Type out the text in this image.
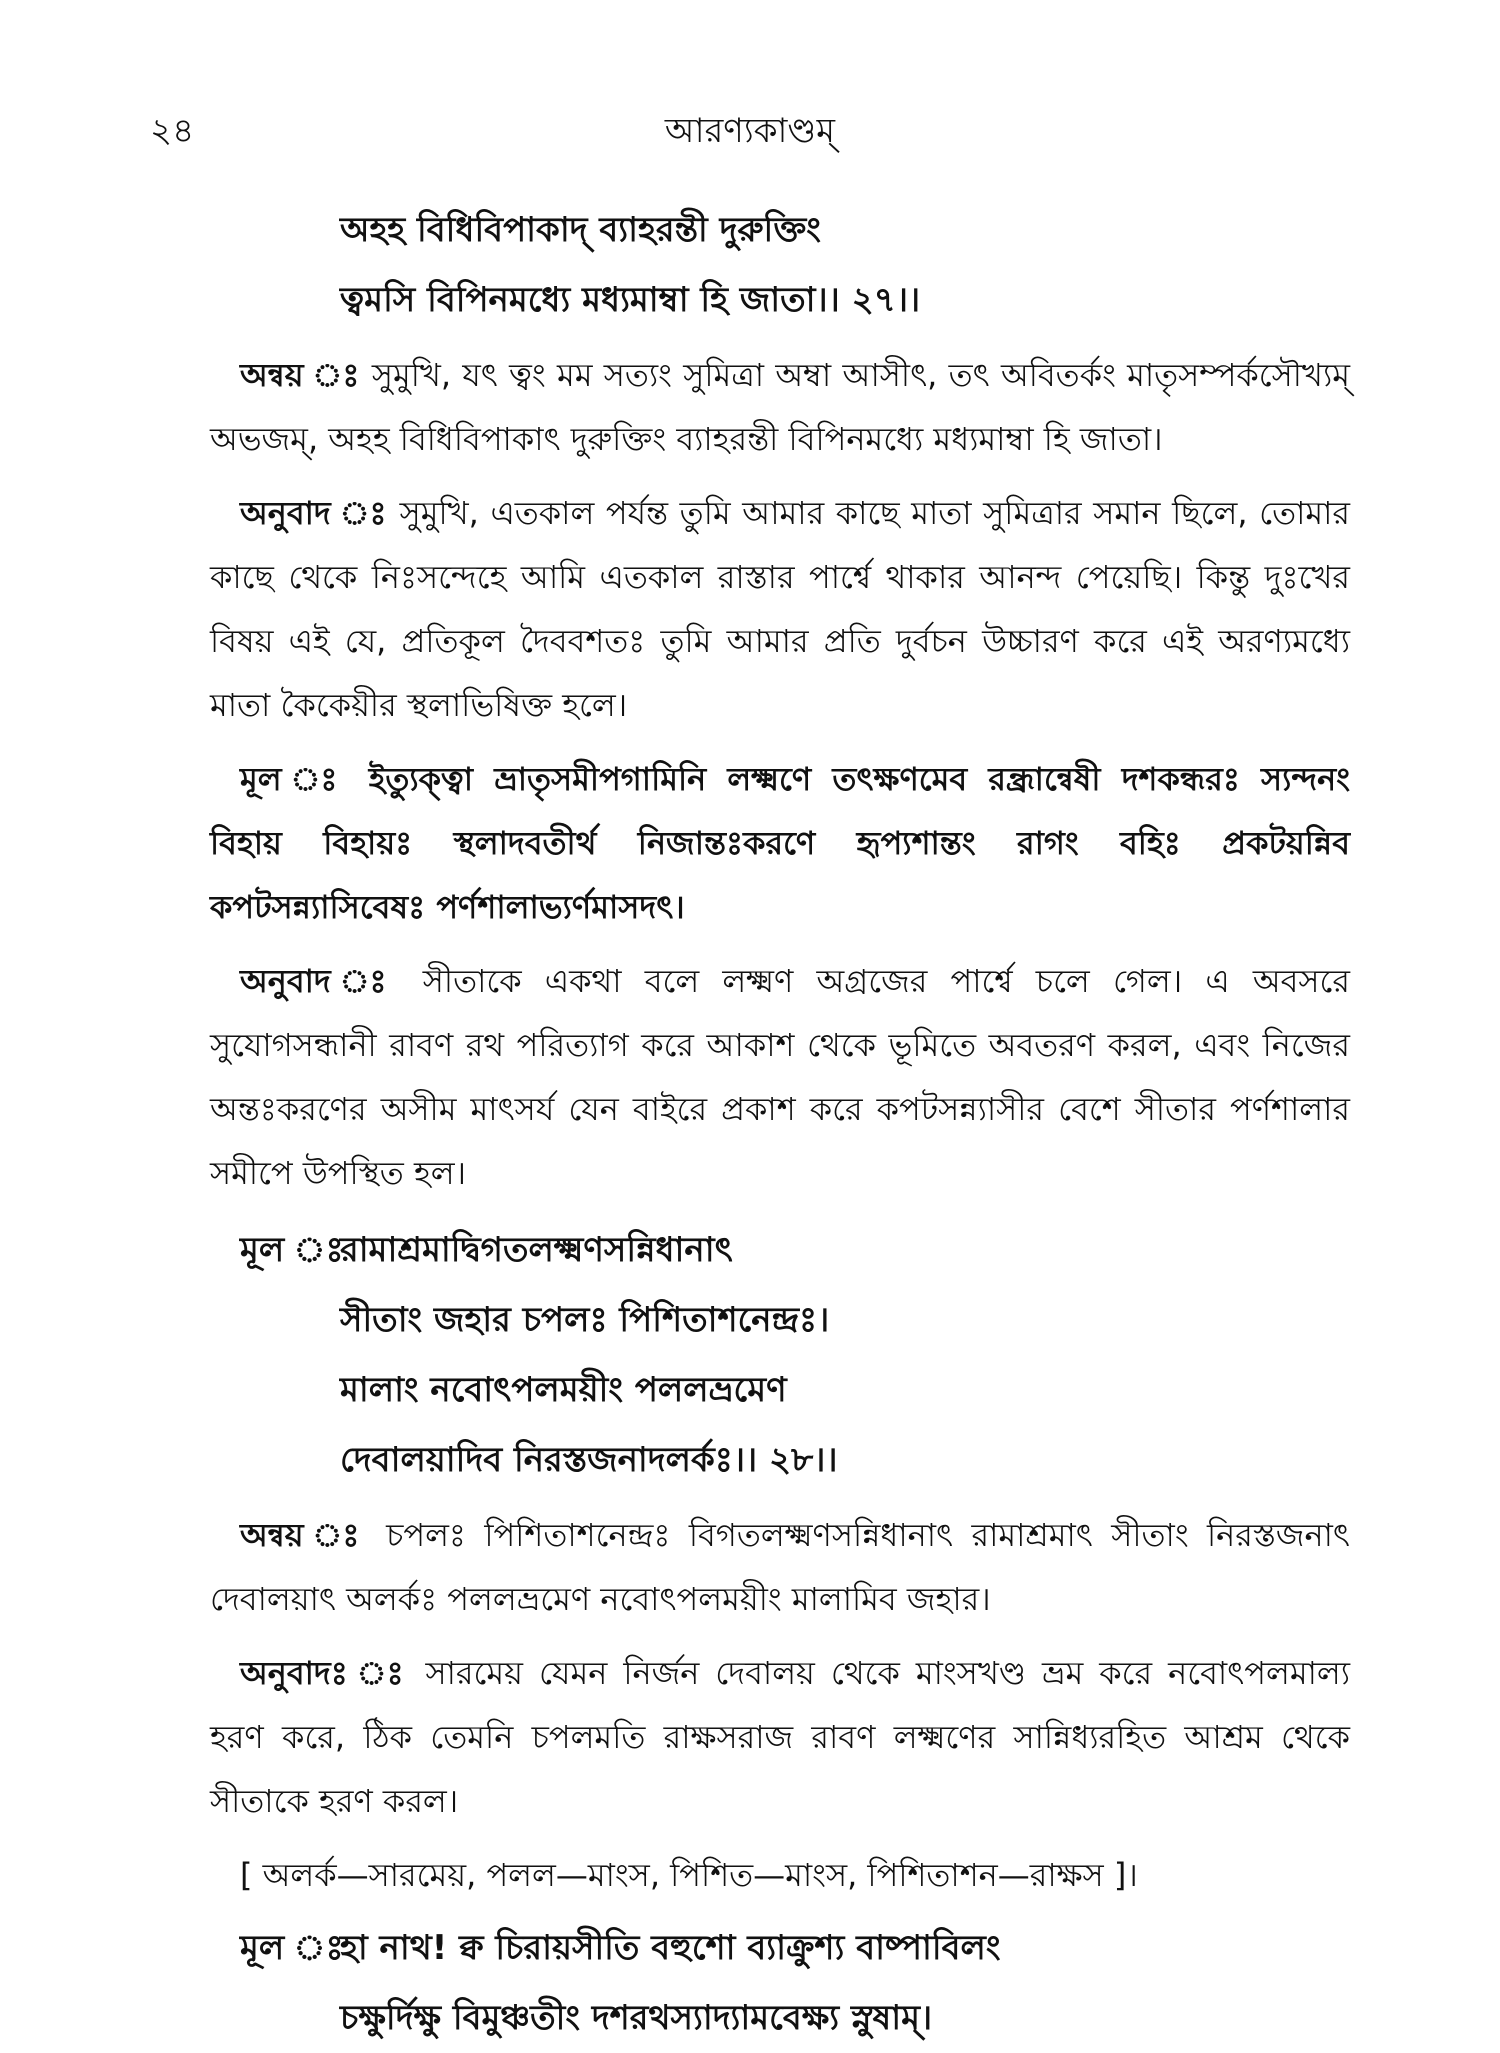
২৪	আরণ্যকাণ্ডম্
অহহ বিধিবিপাকাদ্ ব্যাহরন্তী দুরুক্তিং
ত্বমসি বিপিনমধ্যে মধ্যমাম্বা হি জাতা।। ২৭।।

অন্বয় ঃ সুমুখি, যৎ ত্বং মম সত্যং সুমিত্রা অম্বা আসীৎ, তৎ অবিতর্কং মাতৃসম্পর্কসৌখ্যম্ অভজম্, অহহ বিধিবিপাকাৎ দুরুক্তিং ব্যাহরন্তী বিপিনমধ্যে মধ্যমাম্বা হি জাতা।

অনুবাদ ঃ সুমুখি, এতকাল পর্যন্ত তুমি আমার কাছে মাতা সুমিত্রার সমান ছিলে, তোমার কাছে থেকে নিঃসন্দেহে আমি এতকাল রাস্তার পার্শ্বে থাকার আনন্দ পেয়েছি। কিন্তু দুঃখের বিষয় এই যে, প্রতিকূল দৈববশতঃ তুমি আমার প্রতি দুর্বচন উচ্চারণ করে এই অরণ্যমধ্যে মাতা কৈকেয়ীর স্থলাভিষিক্ত হলে।

মূল ঃ ইত্যুক্ত্বা ভ্রাতৃসমীপগামিনি লক্ষ্মণে তৎক্ষণমেব রন্ধ্রান্বেষী দশকন্ধরঃ স্যন্দনং বিহায় বিহায়ঃ স্থলাদবতীর্থ নিজান্তঃকরণে হৃপ্যশান্তং রাগং বহিঃ প্রকটয়ন্নিব কপটসন্ন্যাসিবেষঃ পর্ণশালাভ্যর্ণমাসদৎ।

অনুবাদ ঃ সীতাকে একথা বলে লক্ষ্মণ অগ্রজের পার্শ্বে চলে গেল। এ অবসরে সুযোগসন্ধানী রাবণ রথ পরিত্যাগ করে আকাশ থেকে ভূমিতে অবতরণ করল, এবং নিজের অন্তঃকরণের অসীম মাৎসর্য যেন বাইরে প্রকাশ করে কপটসন্ন্যাসীর বেশে সীতার পর্ণশালার সমীপে উপস্থিত হল।

মূল ঃ
রামাশ্রমাদ্বিগতলক্ষ্মণসন্নিধানাৎ
সীতাং জহার চপলঃ পিশিতাশনেন্দ্রঃ।
মালাং নবোৎপলময়ীং পললভ্রমেণ
দেবালয়াদিব নিরস্তজনাদলর্কঃ।। ২৮।।

অন্বয় ঃ চপলঃ পিশিতাশনেন্দ্রঃ বিগতলক্ষ্মণসন্নিধানাৎ রামাশ্রমাৎ সীতাং নিরস্তজনাৎ দেবালয়াৎ অলর্কঃ পললভ্রমেণ নবোৎপলময়ীং মালামিব জহার।

অনুবাদঃ ঃ সারমেয় যেমন নির্জন দেবালয় থেকে মাংসখণ্ড ভ্রম করে নবোৎপলমাল্য হরণ করে, ঠিক তেমনি চপলমতি রাক্ষসরাজ রাবণ লক্ষ্মণের সান্নিধ্যরহিত আশ্রম থেকে সীতাকে হরণ করল।

[ অলর্ক—সারমেয়, পলল—মাংস, পিশিত—মাংস, পিশিতাশন—রাক্ষস ]।
মূল ঃ
হা নাথ! ক্ব চিরায়সীতি বহুশো ব্যাক্রুশ্য বাষ্পাবিলং
চক্ষুর্দিক্ষু বিমুঞ্চতীং দশরথস্যাদ্যামবেক্ষ্য স্নুষাম্।
